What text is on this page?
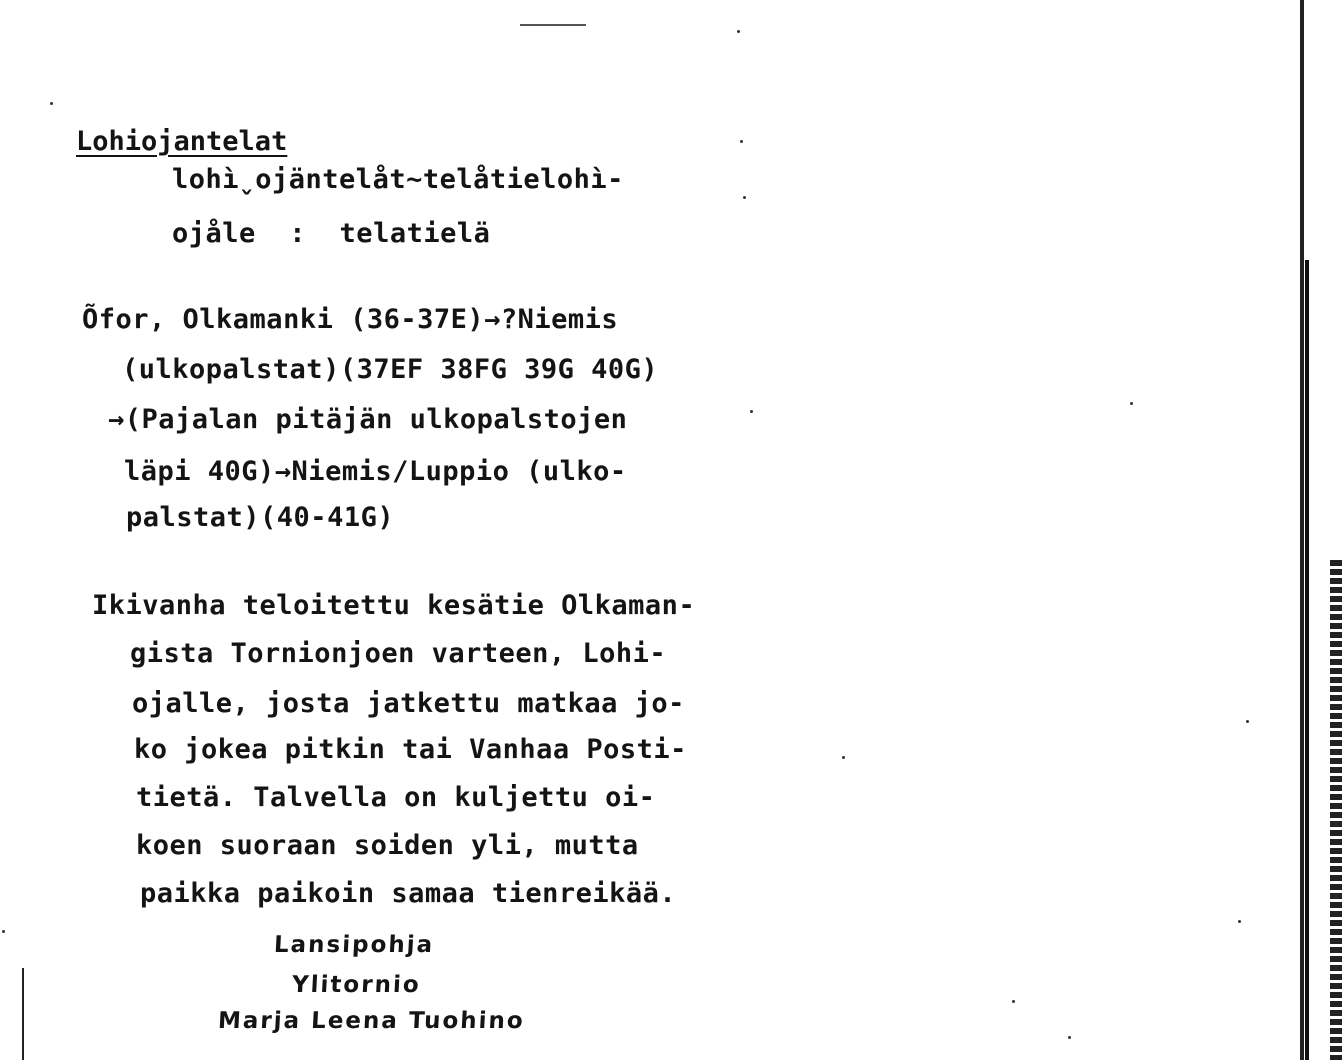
Lohiojantelat
lohì̬ojäntelåt~telåtielohì-
ojåle  :  telatielä
Õfor, Olkamanki (36-37E)→?Niemis
(ulkopalstat)(37EF 38FG 39G 40G)
→(Pajalan pitäjän ulkopalstojen
läpi 40G)→Niemis/Luppio (ulko-
palstat)(40-41G)
Ikivanha teloitettu kesätie Olkaman-
gista Tornionjoen varteen, Lohi-
ojalle, josta jatkettu matkaa jo-
ko jokea pitkin tai Vanhaa Posti-
tietä. Talvella on kuljettu oi-
koen suoraan soiden yli, mutta
paikka paikoin samaa tienreikää.
Lansipohja
Ylitornio
Marja Leena Tuohino
